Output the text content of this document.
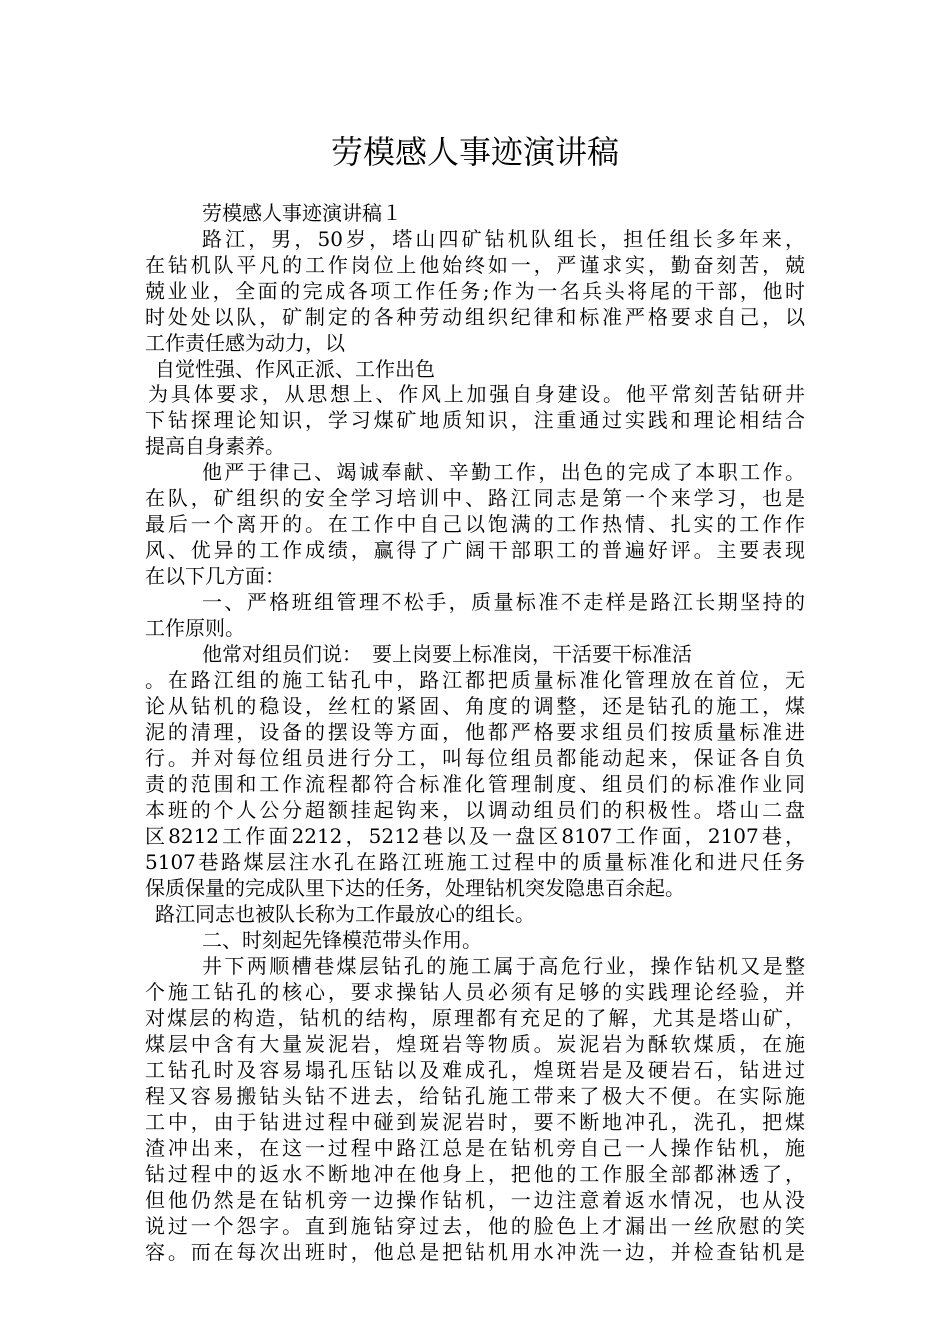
劳模感人事迹演讲稿
劳模感人事迹演讲稿１
路江，男，50岁，塔山四矿钻机队组长，担任组长多年来，
在钻机队平凡的工作岗位上他始终如一，严谨求实，勤奋刻苦，兢
兢业业，全面的完成各项工作任务;作为一名兵头将尾的干部，他时
时处处以队，矿制定的各种劳动组织纪律和标准严格要求自己，以
工作责任感为动力，以
自觉性强、作风正派、工作出色
为具体要求，从思想上、作风上加强自身建设。他平常刻苦钻研井
下钻探理论知识，学习煤矿地质知识，注重通过实践和理论相结合
提高自身素养。
他严于律己、竭诚奉献、辛勤工作，出色的完成了本职工作。
在队，矿组织的安全学习培训中、路江同志是第一个来学习，也是
最后一个离开的。在工作中自己以饱满的工作热情、扎实的工作作
风、优异的工作成绩，赢得了广阔干部职工的普遍好评。主要表现
在以下几方面：
一、严格班组管理不松手，质量标准不走样是路江长期坚持的
工作原则。
他常对组员们说：　要上岗要上标准岗，干活要干标准活
。在路江组的施工钻孔中，路江都把质量标准化管理放在首位，无
论从钻机的稳设，丝杠的紧固、角度的调整，还是钻孔的施工，煤
泥的清理，设备的摆设等方面，他都严格要求组员们按质量标准进
行。并对每位组员进行分工，叫每位组员都能动起来，保证各自负
责的范围和工作流程都符合标准化管理制度、组员们的标准作业同
本班的个人公分超额挂起钩来，以调动组员们的积极性。塔山二盘
区8212工作面2212，5212巷以及一盘区8107工作面，2107巷，
5107巷路煤层注水孔在路江班施工过程中的质量标准化和进尺任务
保质保量的完成队里下达的任务，处理钻机突发隐患百余起。
路江同志也被队长称为工作最放心的组长。
二、时刻起先锋模范带头作用。
井下两顺槽巷煤层钻孔的施工属于高危行业，操作钻机又是整
个施工钻孔的核心，要求操钻人员必须有足够的实践理论经验，并
对煤层的构造，钻机的结构，原理都有充足的了解，尤其是塔山矿，
煤层中含有大量炭泥岩，煌斑岩等物质。炭泥岩为酥软煤质，在施
工钻孔时及容易塌孔压钻以及难成孔，煌斑岩是及硬岩石，钻进过
程又容易搬钻头钻不进去，给钻孔施工带来了极大不便。在实际施
工中，由于钻进过程中碰到炭泥岩时，要不断地冲孔，洗孔，把煤
渣冲出来，在这一过程中路江总是在钻机旁自己一人操作钻机，施
钻过程中的返水不断地冲在他身上，把他的工作服全部都淋透了，
但他仍然是在钻机旁一边操作钻机，一边注意着返水情况，也从没
说过一个怨字。直到施钻穿过去，他的脸色上才漏出一丝欣慰的笑
容。而在每次出班时，他总是把钻机用水冲洗一边，并检查钻机是
